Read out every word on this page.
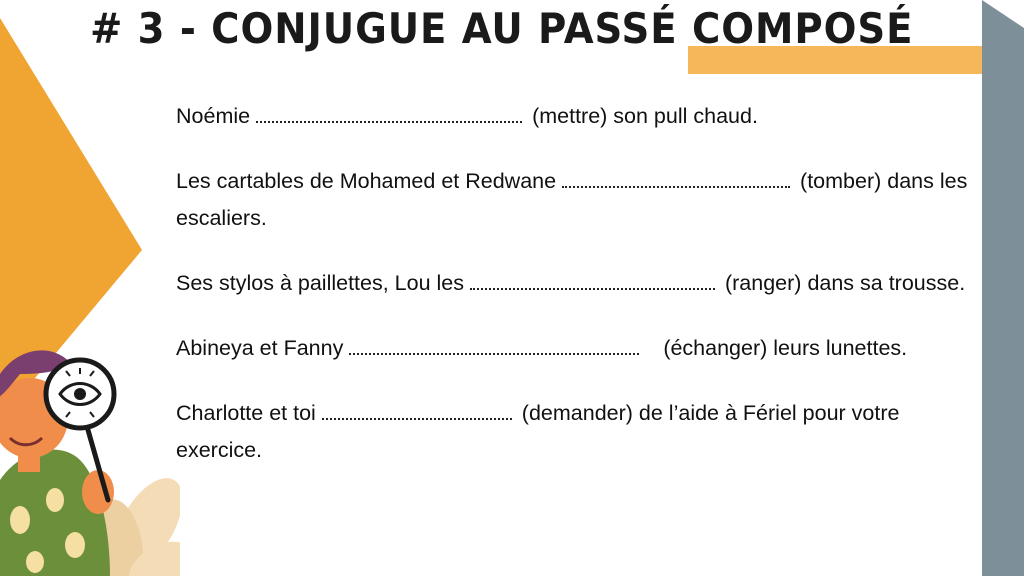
# 3 - CONJUGUE AU PASSÉ COMPOSÉ
Noémie	(mettre) son pull chaud.
Les cartables de Mohamed et Redwane	(tomber) dans les escaliers.
Ses stylos à paillettes, Lou les	(ranger) dans sa trousse.
Abineya et Fanny	(échanger) leurs lunettes.
Charlotte et toi	(demander) de l’aide à Fériel pour votre exercice.
